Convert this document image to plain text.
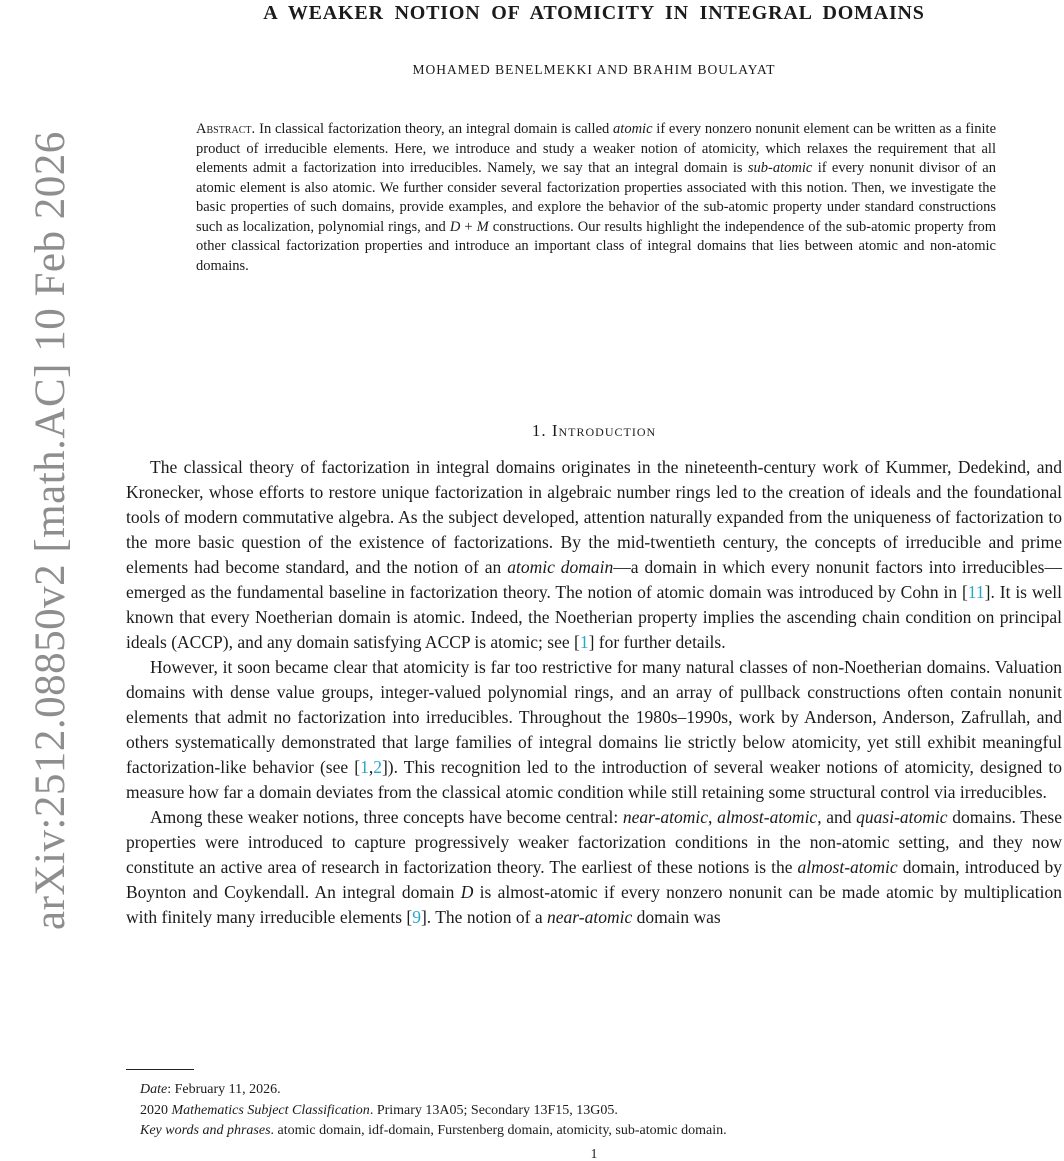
arXiv:2512.08850v2 [math.AC] 10 Feb 2026
A WEAKER NOTION OF ATOMICITY IN INTEGRAL DOMAINS
MOHAMED BENELMEKKI AND BRAHIM BOULAYAT
Abstract. In classical factorization theory, an integral domain is called atomic if every nonzero nonunit element can be written as a finite product of irreducible elements. Here, we introduce and study a weaker notion of atomicity, which relaxes the requirement that all elements admit a factorization into irreducibles. Namely, we say that an integral domain is sub-atomic if every nonunit divisor of an atomic element is also atomic. We further consider several factorization properties associated with this notion. Then, we investigate the basic properties of such domains, provide examples, and explore the behavior of the sub-atomic property under standard constructions such as localization, polynomial rings, and D + M constructions. Our results highlight the independence of the sub-atomic property from other classical factorization properties and introduce an important class of integral domains that lies between atomic and non-atomic domains.
1. Introduction

The classical theory of factorization in integral domains originates in the nineteenth-century work of Kummer, Dedekind, and Kronecker, whose efforts to restore unique factorization in algebraic number rings led to the creation of ideals and the foundational tools of modern commutative algebra. As the subject developed, attention naturally expanded from the uniqueness of factorization to the more basic question of the existence of factorizations. By the mid-twentieth century, the concepts of irreducible and prime elements had become standard, and the notion of an atomic domain—a domain in which every nonunit factors into irreducibles—emerged as the fundamental baseline in factorization theory. The notion of atomic domain was introduced by Cohn in [11]. It is well known that every Noetherian domain is atomic. Indeed, the Noetherian property implies the ascending chain condition on principal ideals (ACCP), and any domain satisfying ACCP is atomic; see [1] for further details.

However, it soon became clear that atomicity is far too restrictive for many natural classes of non-Noetherian domains. Valuation domains with dense value groups, integer-valued polynomial rings, and an array of pullback constructions often contain nonunit elements that admit no factorization into irreducibles. Throughout the 1980s–1990s, work by Anderson, Anderson, Zafrullah, and others systematically demonstrated that large families of integral domains lie strictly below atomicity, yet still exhibit meaningful factorization-like behavior (see [1,2]). This recognition led to the introduction of several weaker notions of atomicity, designed to measure how far a domain deviates from the classical atomic condition while still retaining some structural control via irreducibles.

Among these weaker notions, three concepts have become central: near-atomic, almost-atomic, and quasi-atomic domains. These properties were introduced to capture progressively weaker factorization conditions in the non-atomic setting, and they now constitute an active area of research in factorization theory. The earliest of these notions is the almost-atomic domain, introduced by Boynton and Coykendall. An integral domain D is almost-atomic if every nonzero nonunit can be made atomic by multiplication with finitely many irreducible elements [9]. The notion of a near-atomic domain was

Date: February 11, 2026.

2020 Mathematics Subject Classification. Primary 13A05; Secondary 13F15, 13G05.

Key words and phrases. atomic domain, idf-domain, Furstenberg domain, atomicity, sub-atomic domain.

1
